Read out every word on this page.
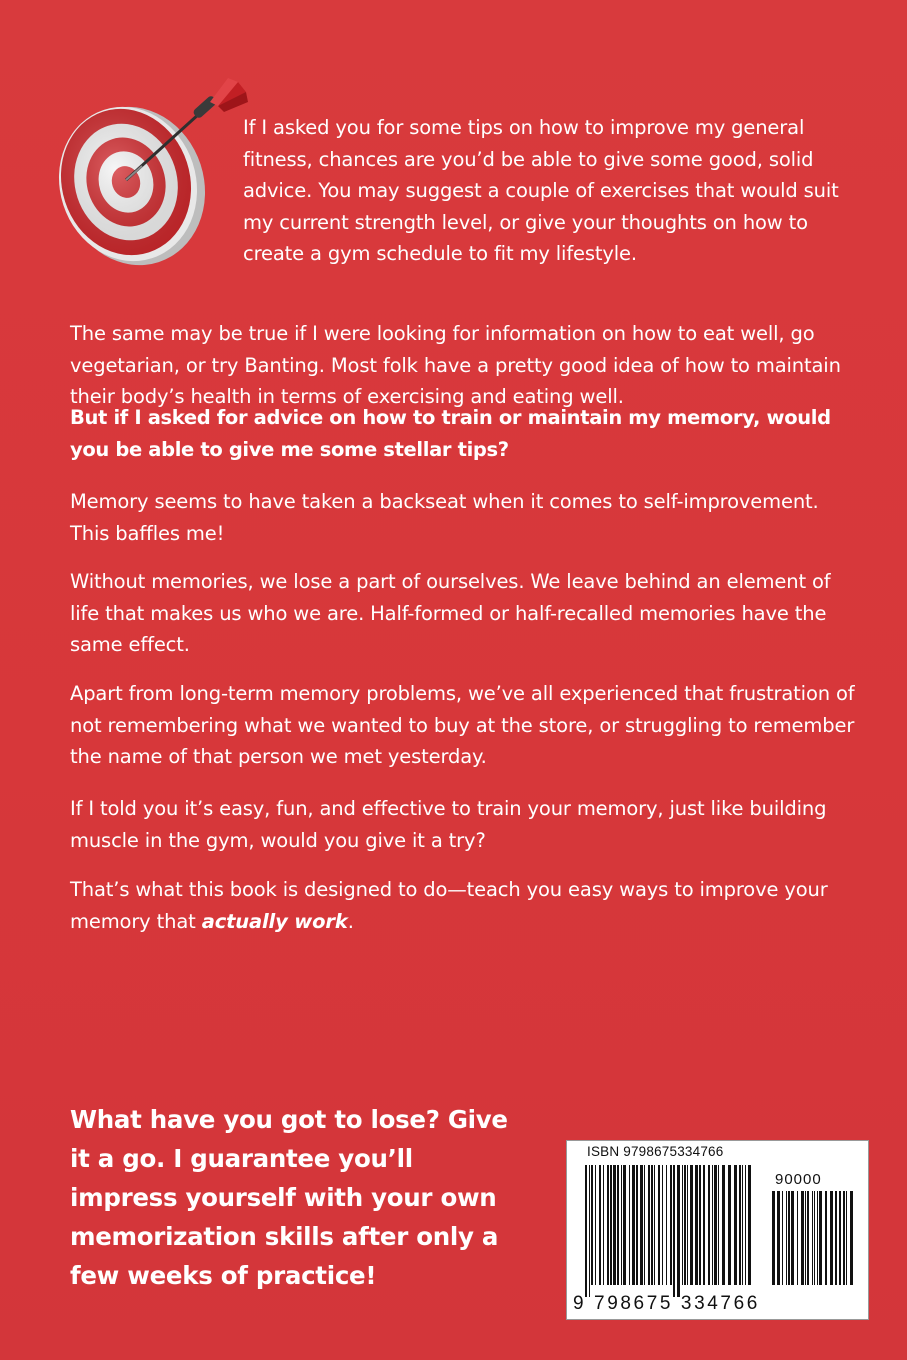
If I asked you for some tips on how to improve my general fitness, chances are you’d be able to give some good, solid advice. You may suggest a couple of exercises that would suit my current strength level, or give your thoughts on how to create a gym schedule to fit my lifestyle.

The same may be true if I were looking for information on how to eat well, go vegetarian, or try Banting. Most folk have a pretty good idea of how to maintain their body’s health in terms of exercising and eating well.

But if I asked for advice on how to train or maintain my memory, would you be able to give me some stellar tips?

Memory seems to have taken a backseat when it comes to self-improvement. This baffles me!

Without memories, we lose a part of ourselves. We leave behind an element of life that makes us who we are. Half-formed or half-recalled memories have the same effect.

Apart from long-term memory problems, we’ve all experienced that frustration of not remembering what we wanted to buy at the store, or struggling to remember the name of that person we met yesterday.

If I told you it’s easy, fun, and effective to train your memory, just like building muscle in the gym, would you give it a try?

That’s what this book is designed to do—teach you easy ways to improve your memory that actually work.

What have you got to lose? Give it a go. I guarantee you’ll impress yourself with your own memorization skills after only a few weeks of practice!

ISBN 9798675334766
90000
9 798675 334766
